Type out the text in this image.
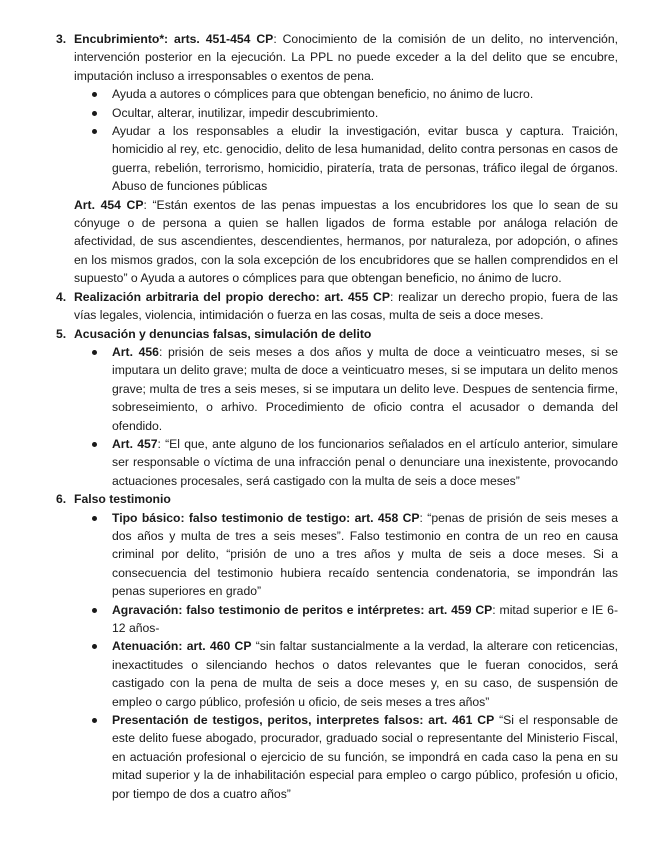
3. Encubrimiento*: arts. 451-454 CP: Conocimiento de la comisión de un delito, no intervención, intervención posterior en la ejecución. La PPL no puede exceder a la del delito que se encubre, imputación incluso a irresponsables o exentos de pena.
Ayuda a autores o cómplices para que obtengan beneficio, no ánimo de lucro.
Ocultar, alterar, inutilizar, impedir descubrimiento.
Ayudar a los responsables a eludir la investigación, evitar busca y captura. Traición, homicidio al rey, etc. genocidio, delito de lesa humanidad, delito contra personas en casos de guerra, rebelión, terrorismo, homicidio, piratería, trata de personas, tráfico ilegal de órganos. Abuso de funciones públicas
Art. 454 CP: “Están exentos de las penas impuestas a los encubridores los que lo sean de su cónyuge o de persona a quien se hallen ligados de forma estable por análoga relación de afectividad, de sus ascendientes, descendientes, hermanos, por naturaleza, por adopción, o afines en los mismos grados, con la sola excepción de los encubridores que se hallen comprendidos en el supuesto” o Ayuda a autores o cómplices para que obtengan beneficio, no ánimo de lucro.
4. Realización arbitraria del propio derecho: art. 455 CP: realizar un derecho propio, fuera de las vías legales, violencia, intimidación o fuerza en las cosas, multa de seis a doce meses.
5. Acusación y denuncias falsas, simulación de delito
Art. 456: prisión de seis meses a dos años y multa de doce a veinticuatro meses, si se imputara un delito grave; multa de doce a veinticuatro meses, si se imputara un delito menos grave; multa de tres a seis meses, si se imputara un delito leve. Despues de sentencia firme, sobreseimiento, o arhivo. Procedimiento de oficio contra el acusador o demanda del ofendido.
Art. 457: “El que, ante alguno de los funcionarios señalados en el artículo anterior, simulare ser responsable o víctima de una infracción penal o denunciare una inexistente, provocando actuaciones procesales, será castigado con la multa de seis a doce meses”
6. Falso testimonio
Tipo básico: falso testimonio de testigo: art. 458 CP: “penas de prisión de seis meses a dos años y multa de tres a seis meses”. Falso testimonio en contra de un reo en causa criminal por delito, “prisión de uno a tres años y multa de seis a doce meses. Si a consecuencia del testimonio hubiera recaído sentencia condenatoria, se impondrán las penas superiores en grado”
Agravación: falso testimonio de peritos e intérpretes: art. 459 CP: mitad superior e IE 6-12 años-
Atenuación: art. 460 CP “sin faltar sustancialmente a la verdad, la alterare con reticencias, inexactitudes o silenciando hechos o datos relevantes que le fueran conocidos, será castigado con la pena de multa de seis a doce meses y, en su caso, de suspensión de empleo o cargo público, profesión u oficio, de seis meses a tres años”
Presentación de testigos, peritos, interpretes falsos: art. 461 CP “Si el responsable de este delito fuese abogado, procurador, graduado social o representante del Ministerio Fiscal, en actuación profesional o ejercicio de su función, se impondrá en cada caso la pena en su mitad superior y la de inhabilitación especial para empleo o cargo público, profesión u oficio, por tiempo de dos a cuatro años”
